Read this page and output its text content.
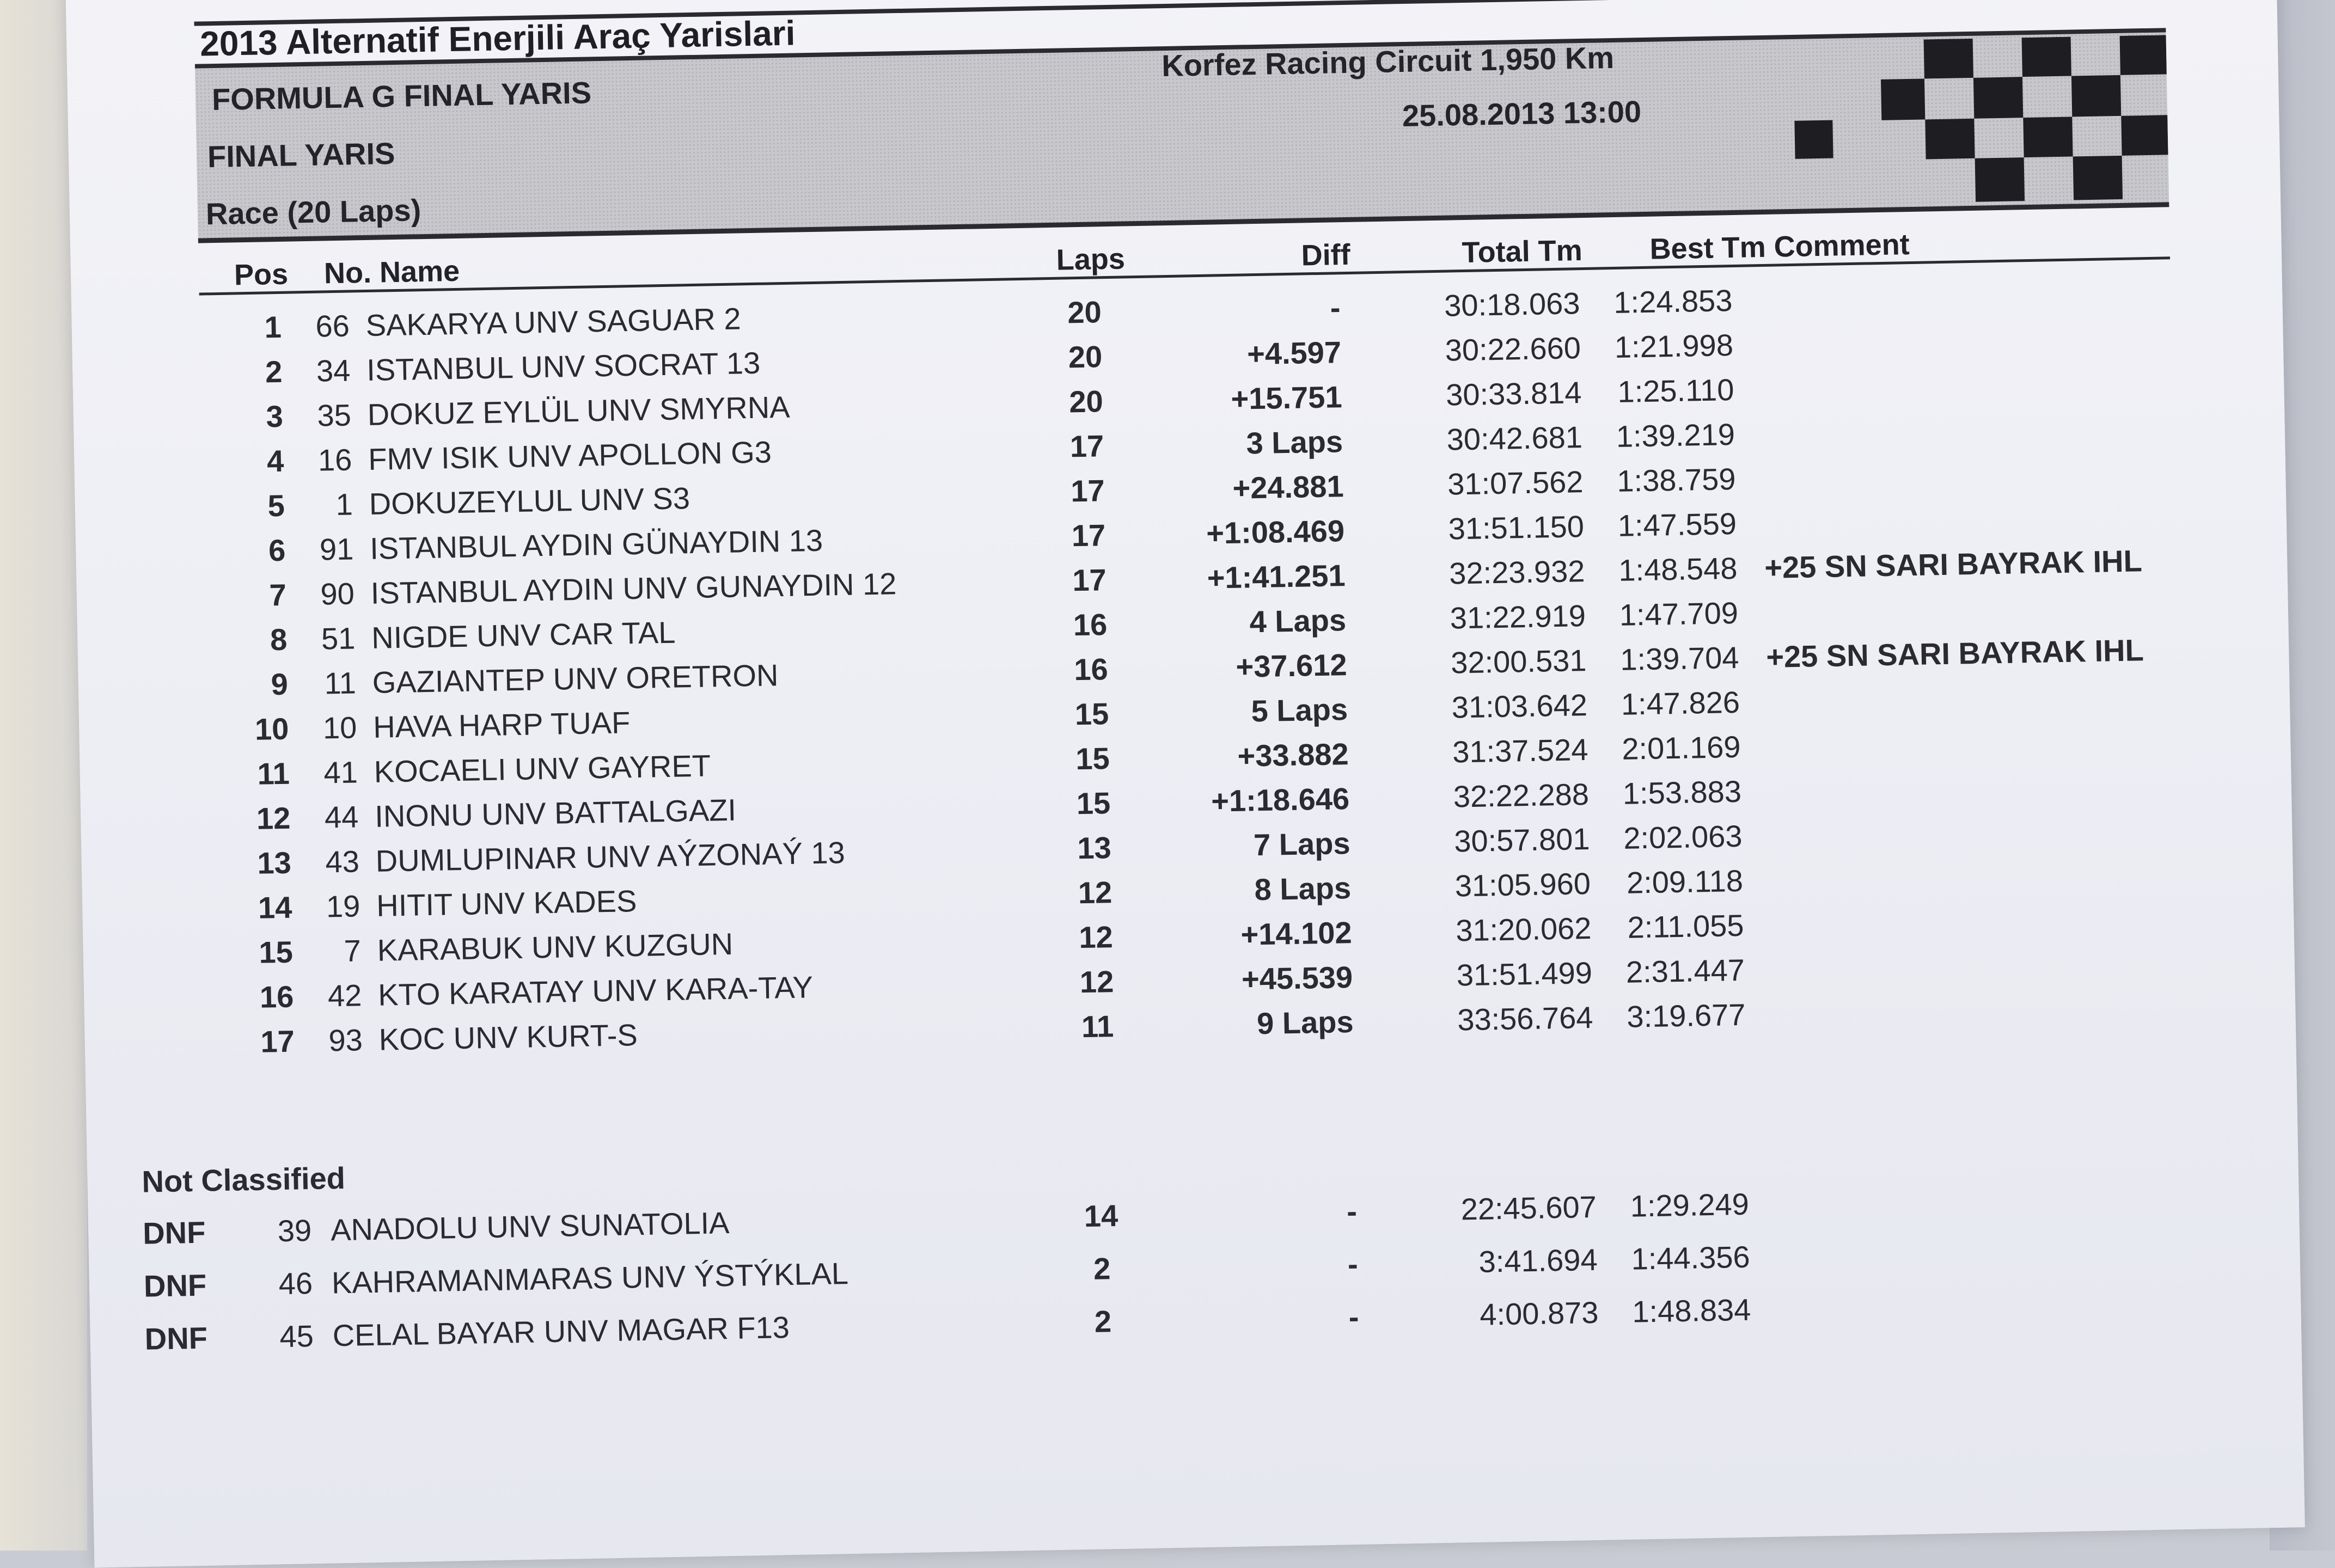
2013 Alternatif Enerjili Araç Yarislari
FORMULA G FINAL YARIS
FINAL YARIS
Race (20 Laps)
Korfez Racing Circuit 1,950 Km
25.08.2013 13:00
Pos No. Name	Laps	Diff	Total Tm Best Tm Comment
1	66 SAKARYA UNV SAGUAR 2	20	-	30:18.063	1:24.853
2	34 ISTANBUL UNV SOCRAT 13	20	+4.597	30:22.660	1:21.998
3	35 DOKUZ EYLÜL UNV SMYRNA	20	+15.751	30:33.814	1:25.110
4	16 FMV ISIK UNV APOLLON G3	17	3 Laps	30:42.681	1:39.219
5	1 DOKUZEYLUL UNV S3	17	+24.881	31:07.562	1:38.759
6	91 ISTANBUL AYDIN GÜNAYDIN 13	17	+1:08.469	31:51.150	1:47.559
7	90 ISTANBUL AYDIN UNV GUNAYDIN 12	17	+1:41.251	32:23.932	1:48.548 +25 SN SARI BAYRAK IHL
8	51 NIGDE UNV CAR TAL	16	4 Laps	31:22.919	1:47.709
9	11 GAZIANTEP UNV ORETRON	16	+37.612	32:00.531	1:39.704 +25 SN SARI BAYRAK IHL
10	10 HAVA HARP TUAF	15	5 Laps	31:03.642	1:47.826
11	41 KOCAELI UNV GAYRET	15	+33.882	31:37.524	2:01.169
12	44 INONU UNV BATTALGAZI	15	+1:18.646	32:22.288	1:53.883
13	43 DUMLUPINAR UNV AÝZONAÝ 13	13	7 Laps	30:57.801	2:02.063
14	19 HITIT UNV KADES	12	8 Laps	31:05.960	2:09.118
15	7 KARABUK UNV KUZGUN	12	+14.102	31:20.062	2:11.055
16	42 KTO KARATAY UNV KARA-TAY	12	+45.539	31:51.499	2:31.447
17	93 KOC UNV KURT-S	11	9 Laps	33:56.764	3:19.677
Not Classified
DNF	39 ANADOLU UNV SUNATOLIA	14	-	22:45.607	1:29.249
DNF	46 KAHRAMANMARAS UNV ÝSTÝKLAL	2	-	3:41.694	1:44.356
DNF	45 CELAL BAYAR UNV MAGAR F13	2	-	4:00.873	1:48.834
